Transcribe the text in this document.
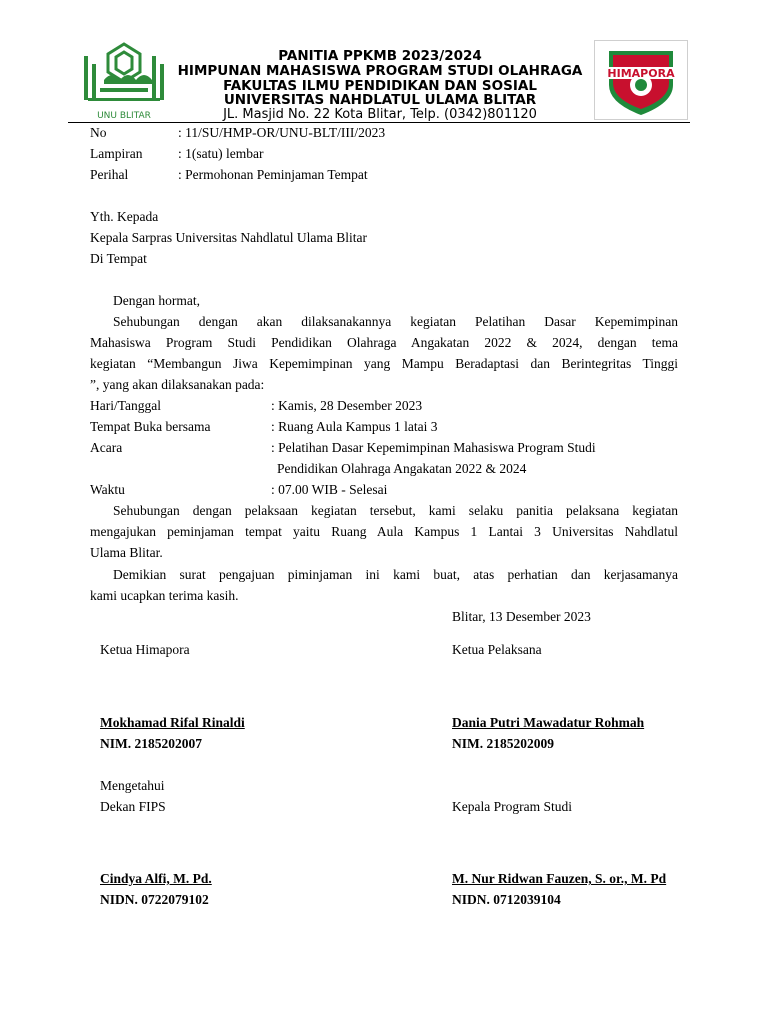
UNU BLITAR
HIMAPORA
PANITIA PPKMB 2023/2024
HIMPUNAN MAHASISWA PROGRAM STUDI OLAHRAGA
FAKULTAS ILMU PENDIDIKAN DAN SOSIAL
UNIVERSITAS NAHDLATUL ULAMA BLITAR
JL. Masjid No. 22 Kota Blitar, Telp. (0342)801120
No	: 11/SU/HMP-OR/UNU-BLT/III/2023
Lampiran	: 1(satu) lembar
Perihal	: Permohonan Peminjaman Tempat
Yth. Kepada
Kepala Sarpras Universitas Nahdlatul Ulama Blitar
Di Tempat
Dengan hormat,
Sehubungan dengan akan dilaksanakannya kegiatan Pelatihan Dasar Kepemimpinan
Mahasiswa Program Studi Pendidikan Olahraga Angakatan 2022 & 2024, dengan tema
kegiatan “Membangun Jiwa Kepemimpinan yang Mampu Beradaptasi dan Berintegritas Tinggi
”, yang akan dilaksanakan pada:
Hari/Tanggal	: Kamis, 28 Desember 2023
Tempat Buka bersama	: Ruang Aula Kampus 1 latai 3
Acara	: Pelatihan Dasar Kepemimpinan Mahasiswa Program Studi
Pendidikan Olahraga Angakatan 2022 & 2024
Waktu	: 07.00 WIB - Selesai
Sehubungan dengan pelaksaan kegiatan tersebut, kami selaku panitia pelaksana kegiatan
mengajukan peminjaman tempat yaitu Ruang Aula Kampus 1 Lantai 3 Universitas Nahdlatul
Ulama Blitar.
Demikian surat pengajuan piminjaman ini kami buat, atas perhatian dan kerjasamanya
kami ucapkan terima kasih.
Blitar, 13 Desember 2023
Ketua Himapora	Ketua Pelaksana
Mokhamad Rifal Rinaldi
NIM. 2185202007
Dania Putri Mawadatur Rohmah
NIM. 2185202009
Mengetahui
Dekan FIPS	Kepala Program Studi
Cindya Alfi, M. Pd.
NIDN. 0722079102
M. Nur Ridwan Fauzen, S. or., M. Pd
NIDN. 0712039104
